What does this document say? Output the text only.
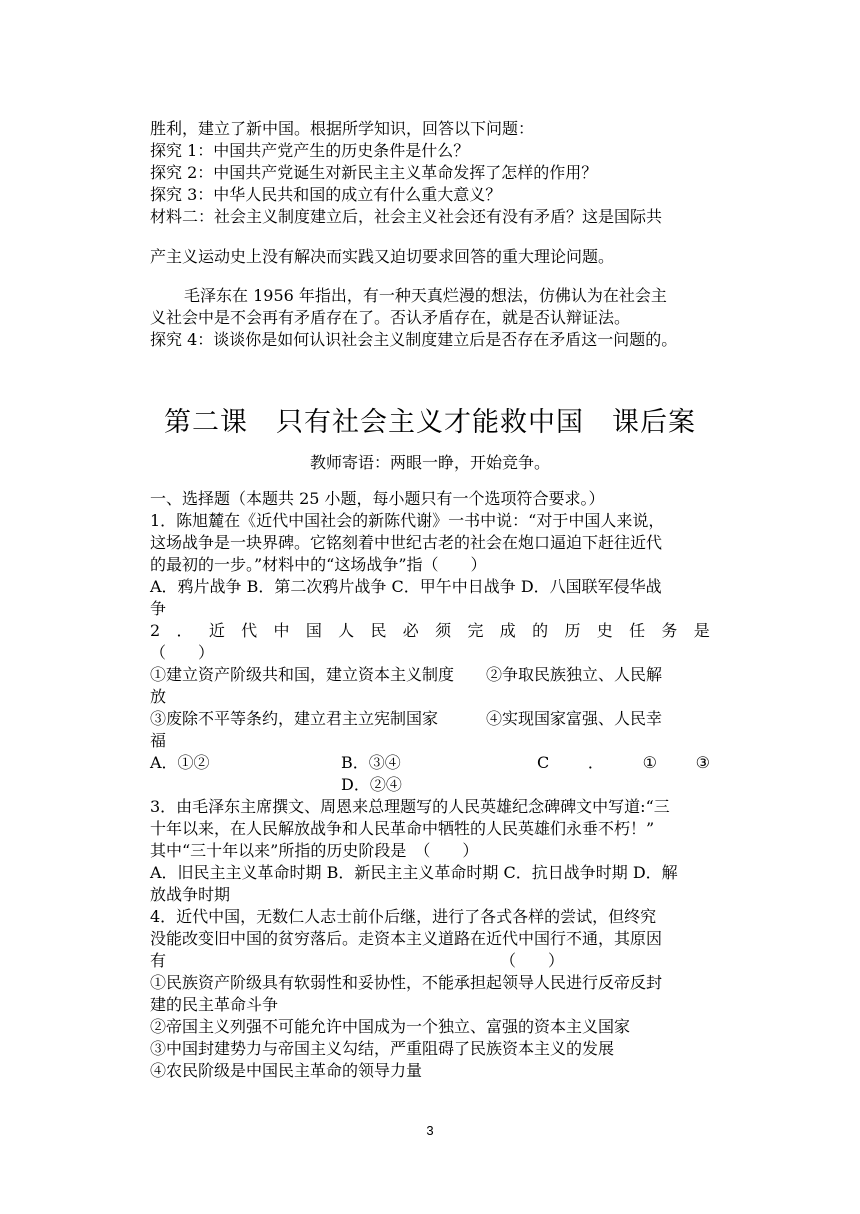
胜利，建立了新中国。根据所学知识，回答以下问题：

探究 1：中国共产党产生的历史条件是什么？

探究 2：中国共产党诞生对新民主主义革命发挥了怎样的作用？

探究 3：中华人民共和国的成立有什么重大意义？

材料二：社会主义制度建立后，社会主义社会还有没有矛盾？这是国际共

产主义运动史上没有解决而实践又迫切要求回答的重大理论问题。

毛泽东在 1956 年指出，有一种天真烂漫的想法，仿佛认为在社会主

义社会中是不会再有矛盾存在了。否认矛盾存在，就是否认辩证法。

探究 4：谈谈你是如何认识社会主义制度建立后是否存在矛盾这一问题的。

第二课　只有社会主义才能救中国　课后案

教师寄语：两眼一睁，开始竞争。

一、选择题（本题共 25 小题，每小题只有一个选项符合要求。）

1．陈旭麓在《近代中国社会的新陈代谢》一书中说：“对于中国人来说，

这场战争是一块界碑。它铭刻着中世纪古老的社会在炮口逼迫下赶往近代

的最初的一步。”材料中的“这场战争”指（　　）

A．鸦片战争 B．第二次鸦片战争 C．甲午中日战争 D．八国联军侵华战

争

2 ． 近 代 中 国 人 民 必 须 完 成 的 历 史 任 务 是

（　　）

①建立资产阶级共和国，建立资本主义制度　　②争取民族独立、人民解

放

③废除不平等条约，建立君主立宪制国家　　　④实现国家富强、人民幸

福

A．①②	B．③④	C ． ① ③
D．②④

3．由毛泽东主席撰文、周恩来总理题写的人民英雄纪念碑碑文中写道:“三

十年以来，在人民解放战争和人民革命中牺牲的人民英雄们永垂不朽！”

其中“三十年以来”所指的历史阶段是　（　　）

A．旧民主主义革命时期 B．新民主主义革命时期 C．抗日战争时期 D．解

放战争时期

4．近代中国，无数仁人志士前仆后继，进行了各式各样的尝试，但终究

没能改变旧中国的贫穷落后。走资本主义道路在近代中国行不通，其原因

有	（　　）

①民族资产阶级具有软弱性和妥协性，不能承担起领导人民进行反帝反封

建的民主革命斗争

②帝国主义列强不可能允许中国成为一个独立、富强的资本主义国家

③中国封建势力与帝国主义勾结，严重阻碍了民族资本主义的发展

④农民阶级是中国民主革命的领导力量

3
